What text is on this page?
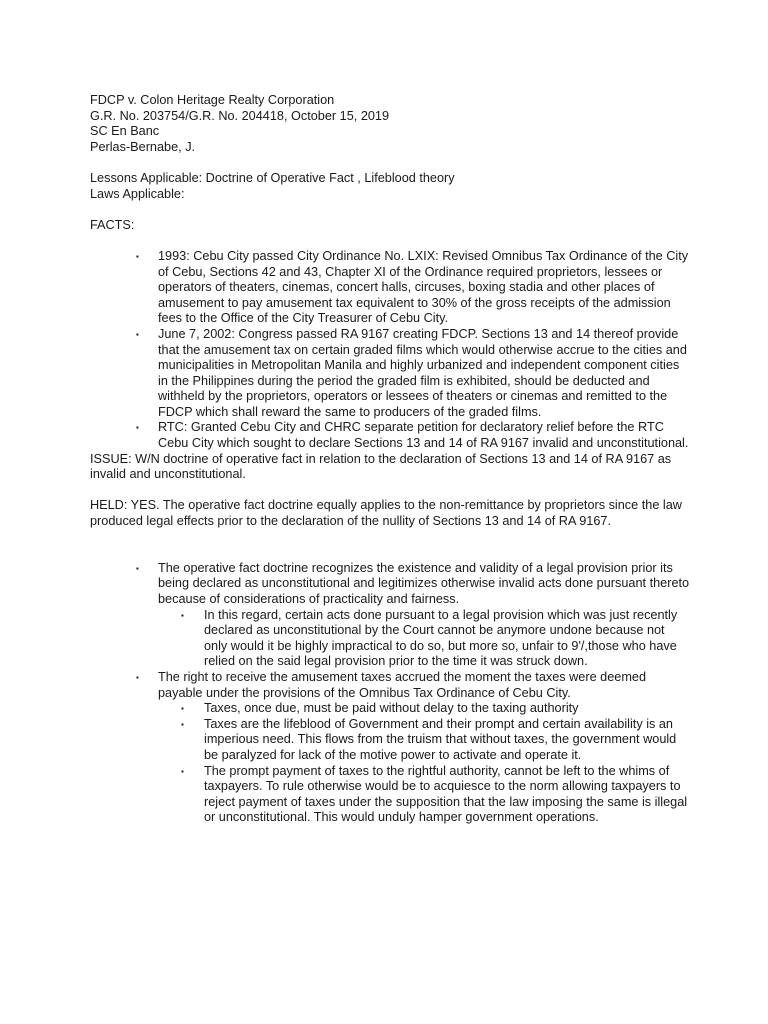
FDCP v. Colon Heritage Realty Corporation

G.R. No. 203754/G.R. No. 204418, October 15, 2019

SC En Banc

Perlas-Bernabe, J.

Lessons Applicable: Doctrine of Operative Fact , Lifeblood theory

Laws Applicable:

FACTS:

▪ 1993: Cebu City passed City Ordinance No. LXIX: Revised Omnibus Tax Ordinance of the City of Cebu, Sections 42 and 43, Chapter XI of the Ordinance required proprietors, lessees or operators of theaters, cinemas, concert halls, circuses, boxing stadia and other places of amusement to pay amusement tax equivalent to 30% of the gross receipts of the admission fees to the Office of the City Treasurer of Cebu City.
▪ June 7, 2002: Congress passed RA 9167 creating FDCP. Sections 13 and 14 thereof provide that the amusement tax on certain graded films which would otherwise accrue to the cities and municipalities in Metropolitan Manila and highly urbanized and independent component cities in the Philippines during the period the graded film is exhibited, should be deducted and withheld by the proprietors, operators or lessees of theaters or cinemas and remitted to the FDCP which shall reward the same to producers of the graded films.
▪ RTC: Granted Cebu City and CHRC separate petition for declaratory relief before the RTC Cebu City which sought to declare Sections 13 and 14 of RA 9167 invalid and unconstitutional.

ISSUE: W/N doctrine of operative fact in relation to the declaration of Sections 13 and 14 of RA 9167 as invalid and unconstitutional.

HELD: YES. The operative fact doctrine equally applies to the non-remittance by proprietors since the law produced legal effects prior to the declaration of the nullity of Sections 13 and 14 of RA 9167.

▪ The operative fact doctrine recognizes the existence and validity of a legal provision prior its being declared as unconstitutional and legitimizes otherwise invalid acts done pursuant thereto because of considerations of practicality and fairness.
▪ In this regard, certain acts done pursuant to a legal provision which was just recently declared as unconstitutional by the Court cannot be anymore undone because not only would it be highly impractical to do so, but more so, unfair to 9'/,those who have relied on the said legal provision prior to the time it was struck down.
▪ The right to receive the amusement taxes accrued the moment the taxes were deemed payable under the provisions of the Omnibus Tax Ordinance of Cebu City.
▪ Taxes, once due, must be paid without delay to the taxing authority
▪ Taxes are the lifeblood of Government and their prompt and certain availability is an imperious need. This flows from the truism that without taxes, the government would be paralyzed for lack of the motive power to activate and operate it.
▪ The prompt payment of taxes to the rightful authority, cannot be left to the whims of taxpayers. To rule otherwise would be to acquiesce to the norm allowing taxpayers to reject payment of taxes under the supposition that the law imposing the same is illegal or unconstitutional. This would unduly hamper government operations.
